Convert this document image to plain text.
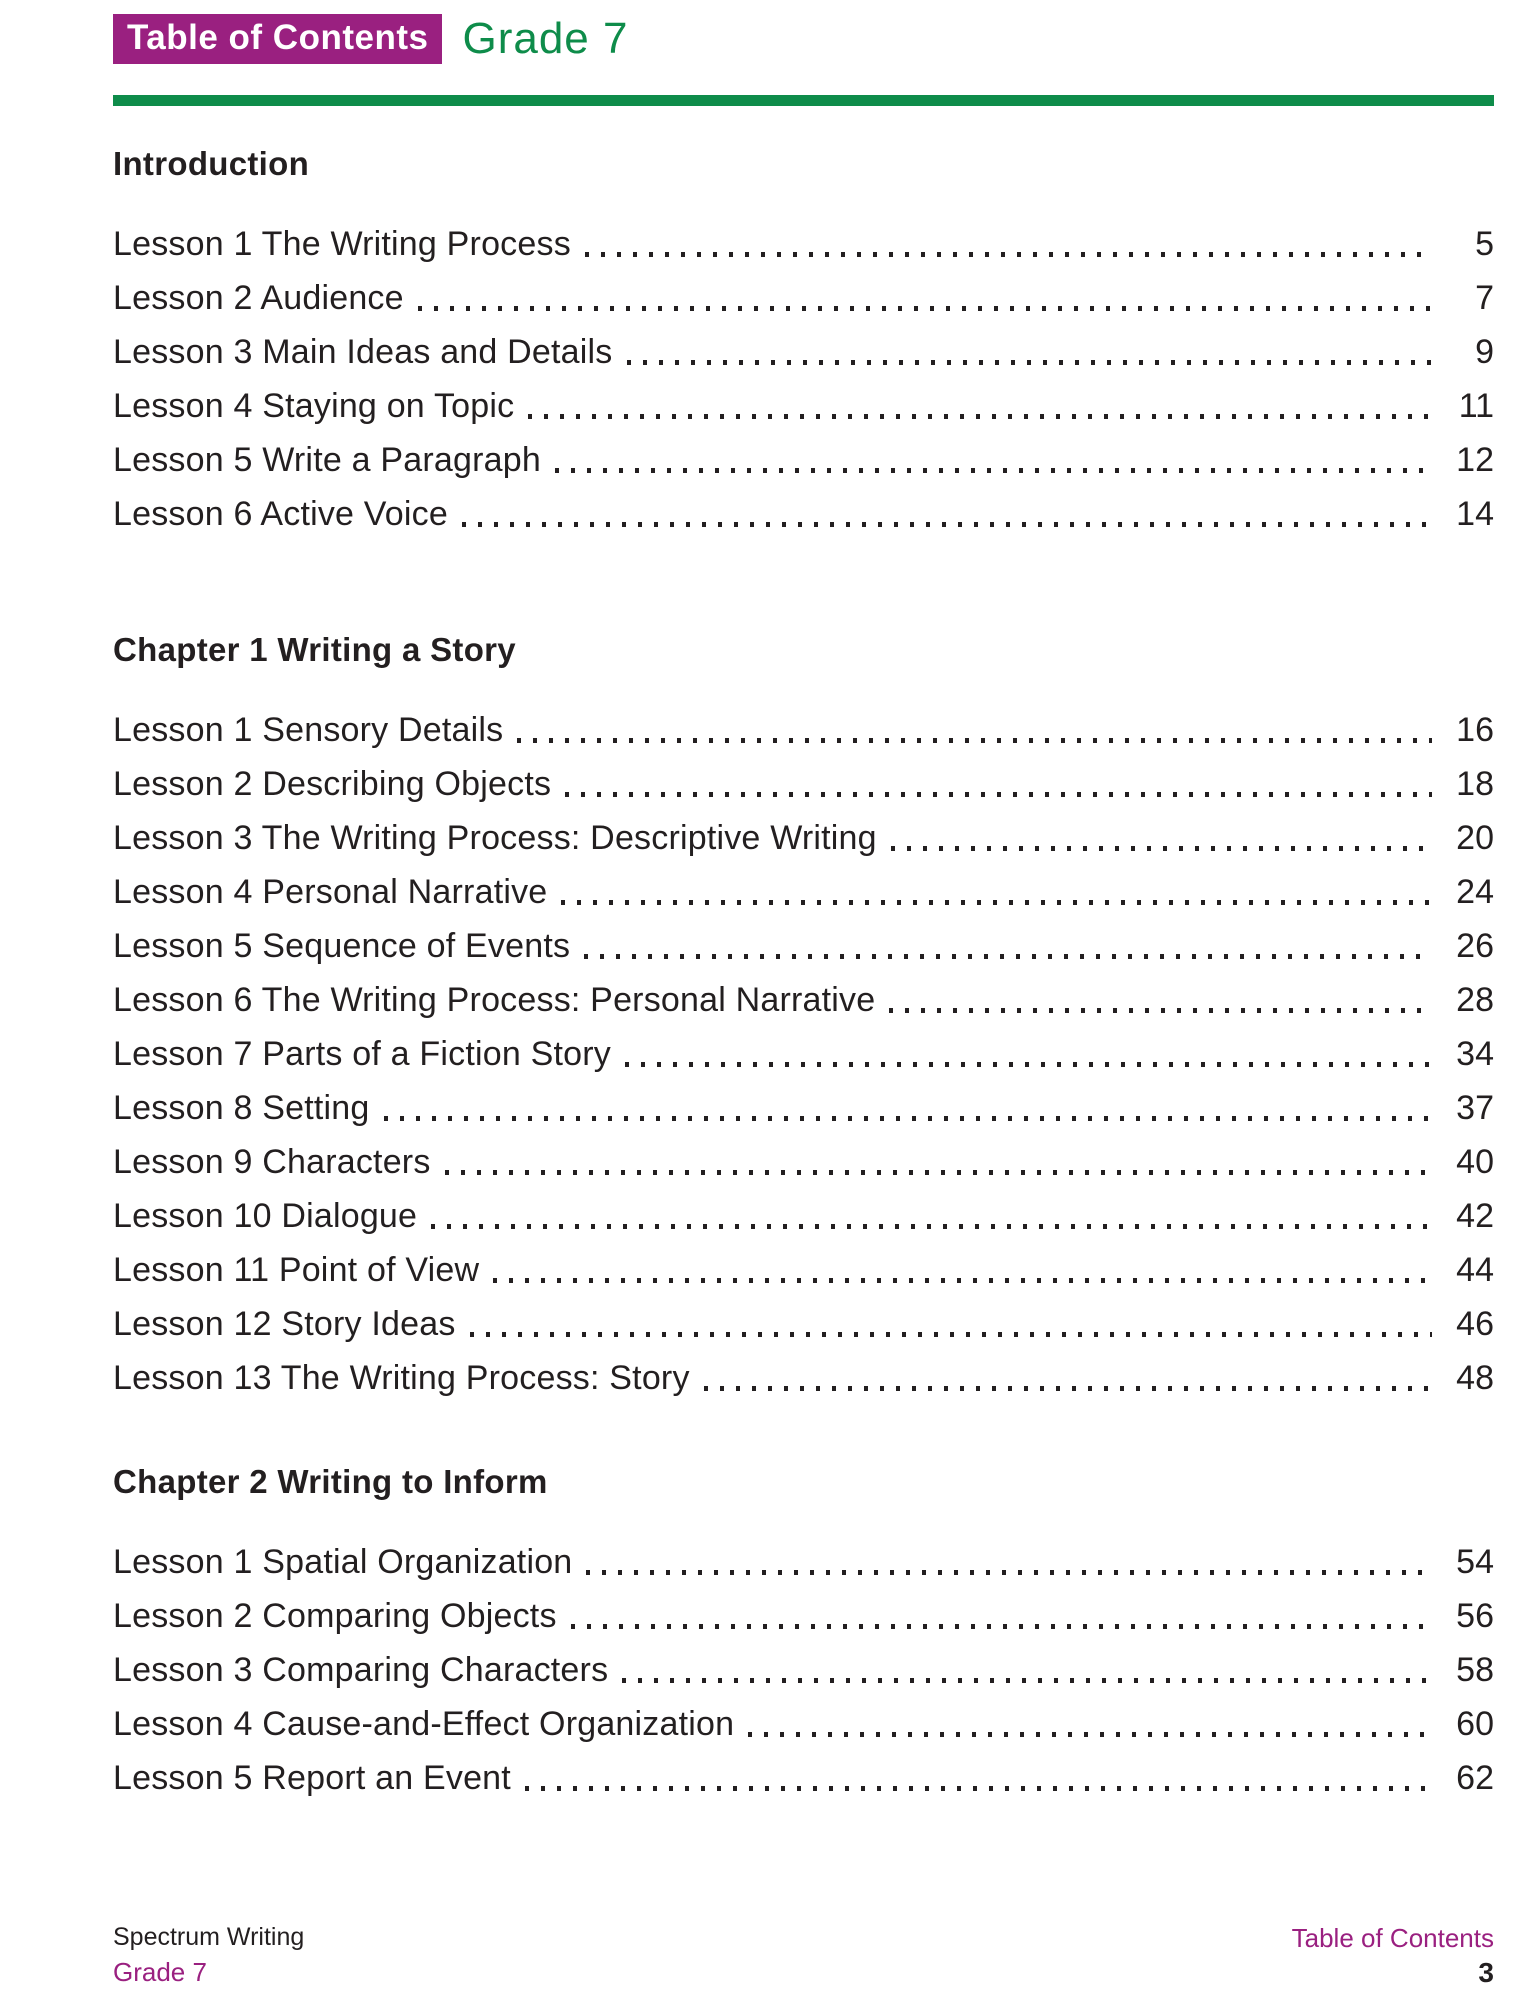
Table of Contents Grade 7
Introduction
Lesson 1 The Writing Process	5
Lesson 2 Audience	7
Lesson 3 Main Ideas and Details	9
Lesson 4 Staying on Topic	11
Lesson 5 Write a Paragraph	12
Lesson 6 Active Voice	14
Chapter 1 Writing a Story
Lesson 1 Sensory Details	16
Lesson 2 Describing Objects	18
Lesson 3 The Writing Process: Descriptive Writing	20
Lesson 4 Personal Narrative	24
Lesson 5 Sequence of Events	26
Lesson 6 The Writing Process: Personal Narrative	28
Lesson 7 Parts of a Fiction Story	34
Lesson 8 Setting	37
Lesson 9 Characters	40
Lesson 10 Dialogue	42
Lesson 11 Point of View	44
Lesson 12 Story Ideas	46
Lesson 13 The Writing Process: Story	48
Chapter 2 Writing to Inform
Lesson 1 Spatial Organization	54
Lesson 2 Comparing Objects	56
Lesson 3 Comparing Characters	58
Lesson 4 Cause-and-Effect Organization	60
Lesson 5 Report an Event	62
Spectrum Writing
Grade 7
Table of Contents
3
